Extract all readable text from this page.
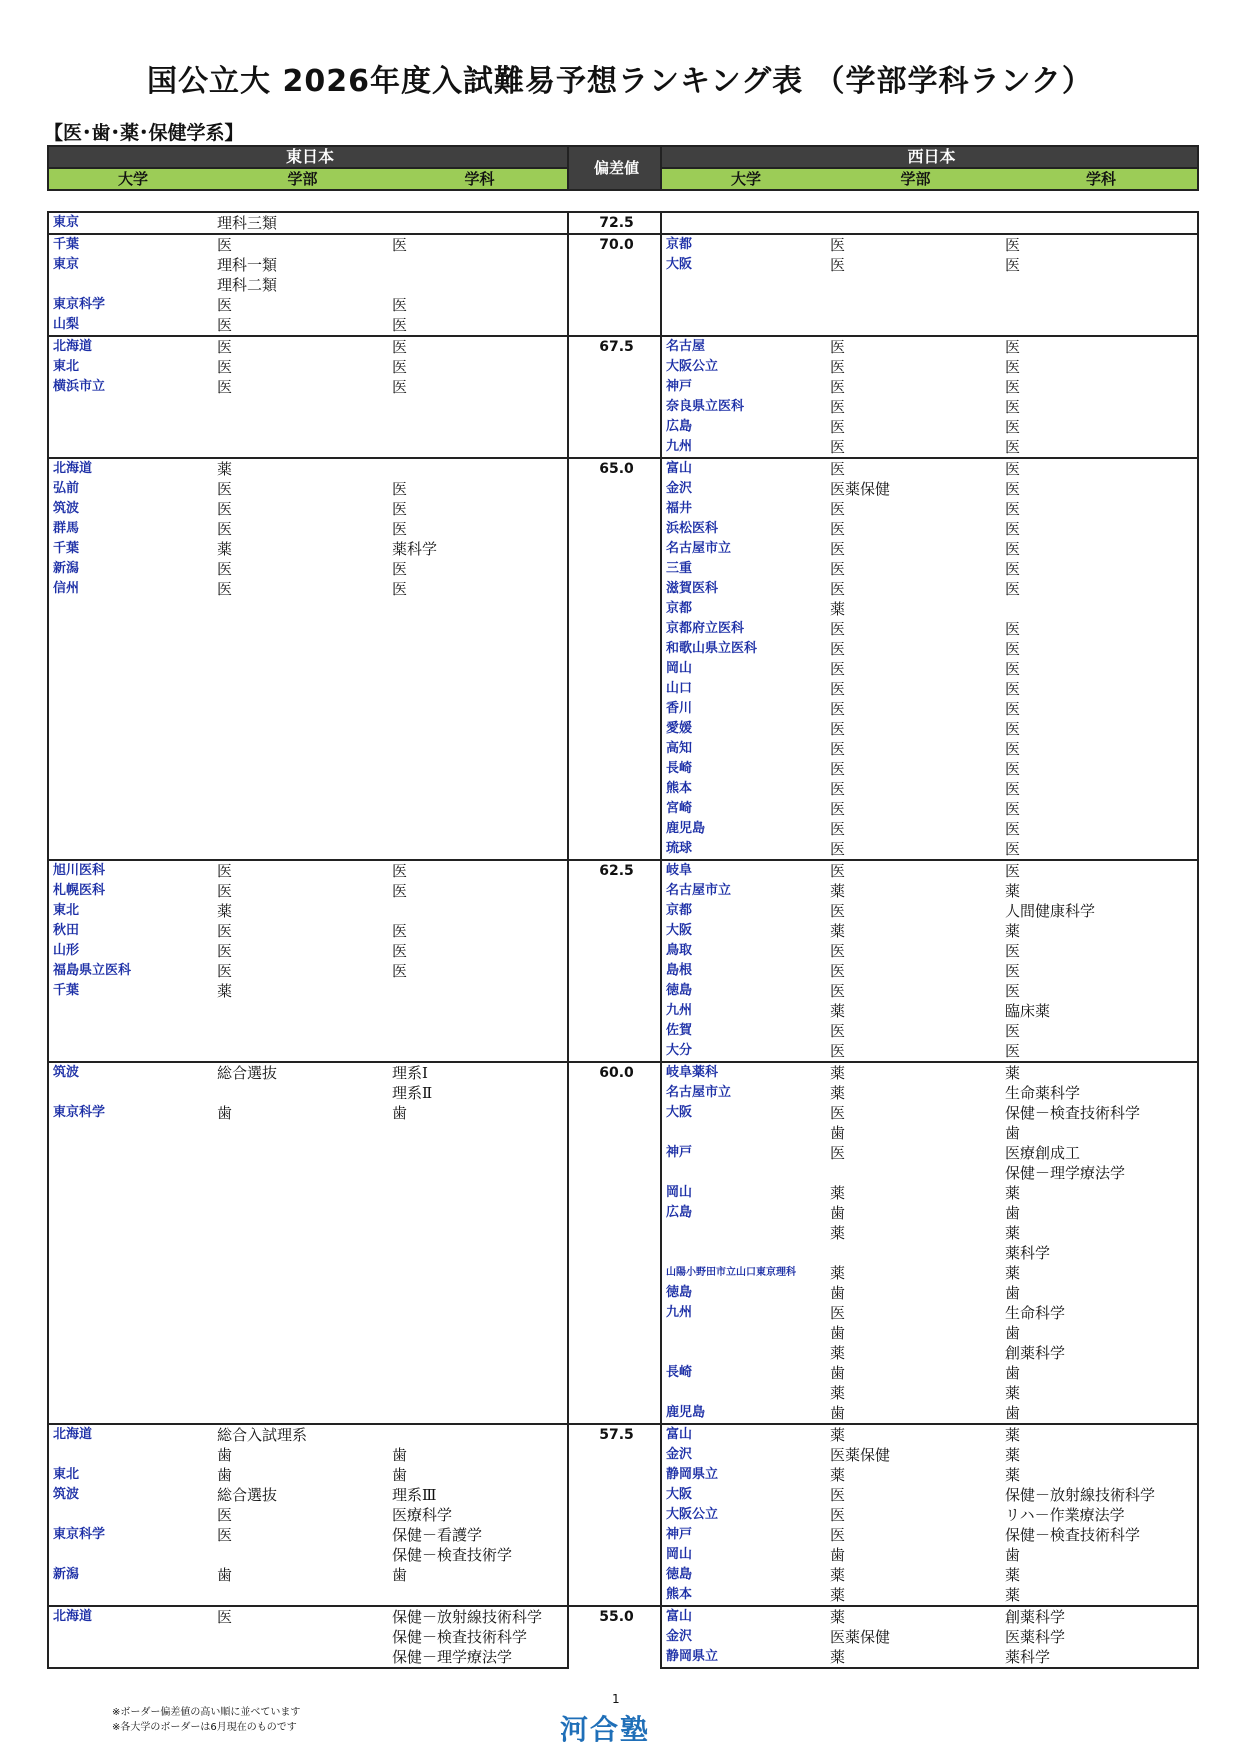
国公立大 2026年度入試難易予想ランキング表 （学部学科ランク）
【医･歯･薬･保健学系】
東日本			偏差値	西日本		
大学	学部	学科		大学	学部	学科

東京	理科三類		72.5			
千葉	医	医	70.0	京都	医	医
東京	理科一類			大阪	医	医
	理科二類					
東京科学	医	医				
山梨	医	医				
北海道	医	医	67.5	名古屋	医	医
東北	医	医		大阪公立	医	医
横浜市立	医	医		神戸	医	医
				奈良県立医科	医	医
				広島	医	医
				九州	医	医
北海道	薬		65.0	富山	医	医
弘前	医	医		金沢	医薬保健	医
筑波	医	医		福井	医	医
群馬	医	医		浜松医科	医	医
千葉	薬	薬科学		名古屋市立	医	医
新潟	医	医		三重	医	医
信州	医	医		滋賀医科	医	医
				京都	薬	
				京都府立医科	医	医
				和歌山県立医科	医	医
				岡山	医	医
				山口	医	医
				香川	医	医
				愛媛	医	医
				高知	医	医
				長崎	医	医
				熊本	医	医
				宮崎	医	医
				鹿児島	医	医
				琉球	医	医
旭川医科	医	医	62.5	岐阜	医	医
札幌医科	医	医		名古屋市立	薬	薬
東北	薬			京都	医	人間健康科学
秋田	医	医		大阪	薬	薬
山形	医	医		鳥取	医	医
福島県立医科	医	医		島根	医	医
千葉	薬			徳島	医	医
				九州	薬	臨床薬
				佐賀	医	医
				大分	医	医
筑波	総合選抜	理系Ⅰ	60.0	岐阜薬科	薬	薬
		理系Ⅱ		名古屋市立	薬	生命薬科学
東京科学	歯	歯		大阪	医	保健－検査技術科学
					歯	歯
				神戸	医	医療創成工
						保健－理学療法学
				岡山	薬	薬
				広島	歯	歯
					薬	薬
						薬科学
				山陽小野田市立山口東京理科	薬	薬
				徳島	歯	歯
				九州	医	生命科学
					歯	歯
					薬	創薬科学
				長崎	歯	歯
					薬	薬
				鹿児島	歯	歯
北海道	総合入試理系		57.5	富山	薬	薬
	歯	歯		金沢	医薬保健	薬
東北	歯	歯		静岡県立	薬	薬
筑波	総合選抜	理系Ⅲ		大阪	医	保健－放射線技術科学
	医	医療科学		大阪公立	医	リハ－作業療法学
東京科学	医	保健－看護学		神戸	医	保健－検査技術科学
		保健－検査技術学		岡山	歯	歯
新潟	歯	歯		徳島	薬	薬
				熊本	薬	薬
北海道	医	保健－放射線技術科学	55.0	富山	薬	創薬科学
		保健－検査技術科学		金沢	医薬保健	医薬科学
		保健－理学療法学		静岡県立	薬	薬科学
1
※ボーダー偏差値の高い順に並べています
※各大学のボーダーは6月現在のものです	河合塾
